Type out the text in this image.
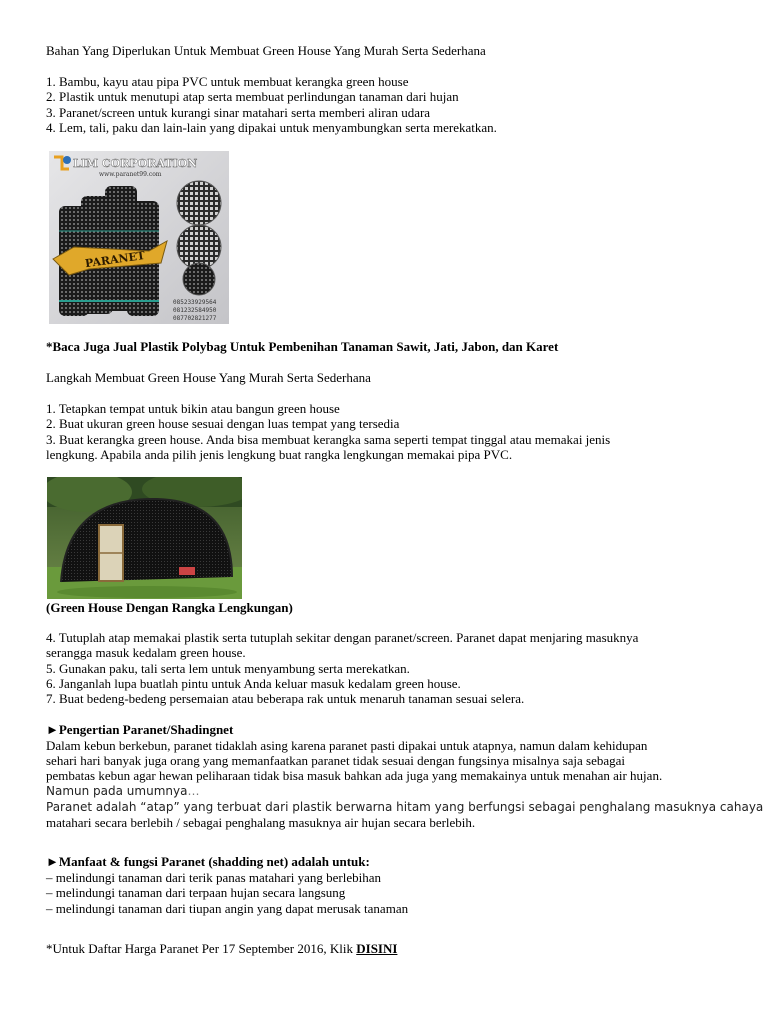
Bahan Yang Diperlukan Untuk Membuat Green House Yang Murah Serta Sederhana
1. Bambu, kayu atau pipa PVC untuk membuat kerangka green house
2. Plastik untuk menutupi atap serta membuat perlindungan tanaman dari hujan
3. Paranet/screen untuk kurangi sinar matahari serta memberi aliran udara
4. Lem, tali, paku dan lain-lain yang dipakai untuk menyambungkan serta merekatkan.
LIM CORPORATION
www.paranet99.com
PARANET
085233929564
081232584950
087702821277
*Baca Juga Jual Plastik Polybag Untuk Pembenihan Tanaman Sawit, Jati, Jabon, dan Karet
Langkah Membuat Green House Yang Murah Serta Sederhana
1. Tetapkan tempat untuk bikin atau bangun green house
2. Buat ukuran green house sesuai dengan luas tempat yang tersedia
3. Buat kerangka green house. Anda bisa membuat kerangka sama seperti tempat tinggal atau memakai jenis
lengkung. Apabila anda pilih jenis lengkung buat rangka lengkungan memakai pipa PVC.
(Green House Dengan Rangka Lengkungan)
4. Tutuplah atap memakai plastik serta tutuplah sekitar dengan paranet/screen. Paranet dapat menjaring masuknya
serangga masuk kedalam green house.
5. Gunakan paku, tali serta lem untuk menyambung serta merekatkan.
6. Janganlah lupa buatlah pintu untuk Anda keluar masuk kedalam green house.
7. Buat bedeng-bedeng persemaian atau beberapa rak untuk menaruh tanaman sesuai selera.
►Pengertian Paranet/Shadingnet
Dalam kebun berkebun, paranet tidaklah asing karena paranet pasti dipakai untuk atapnya, namun dalam kehidupan
sehari hari banyak juga orang yang memanfaatkan paranet tidak sesuai dengan fungsinya misalnya saja sebagai
pembatas kebun agar hewan peliharaan tidak bisa masuk bahkan ada juga yang memakainya untuk menahan air hujan.
Namun pada umumnya…
Paranet adalah “atap” yang terbuat dari plastik berwarna hitam yang berfungsi sebagai penghalang masuknya cahaya
matahari secara berlebih / sebagai penghalang masuknya air hujan secara berlebih.
►Manfaat & fungsi Paranet (shadding net) adalah untuk:
– melindungi tanaman dari terik panas matahari yang berlebihan
– melindungi tanaman dari terpaan hujan secara langsung
– melindungi tanaman dari tiupan angin yang dapat merusak tanaman
*Untuk Daftar Harga Paranet Per 17 September 2016, Klik DISINI
